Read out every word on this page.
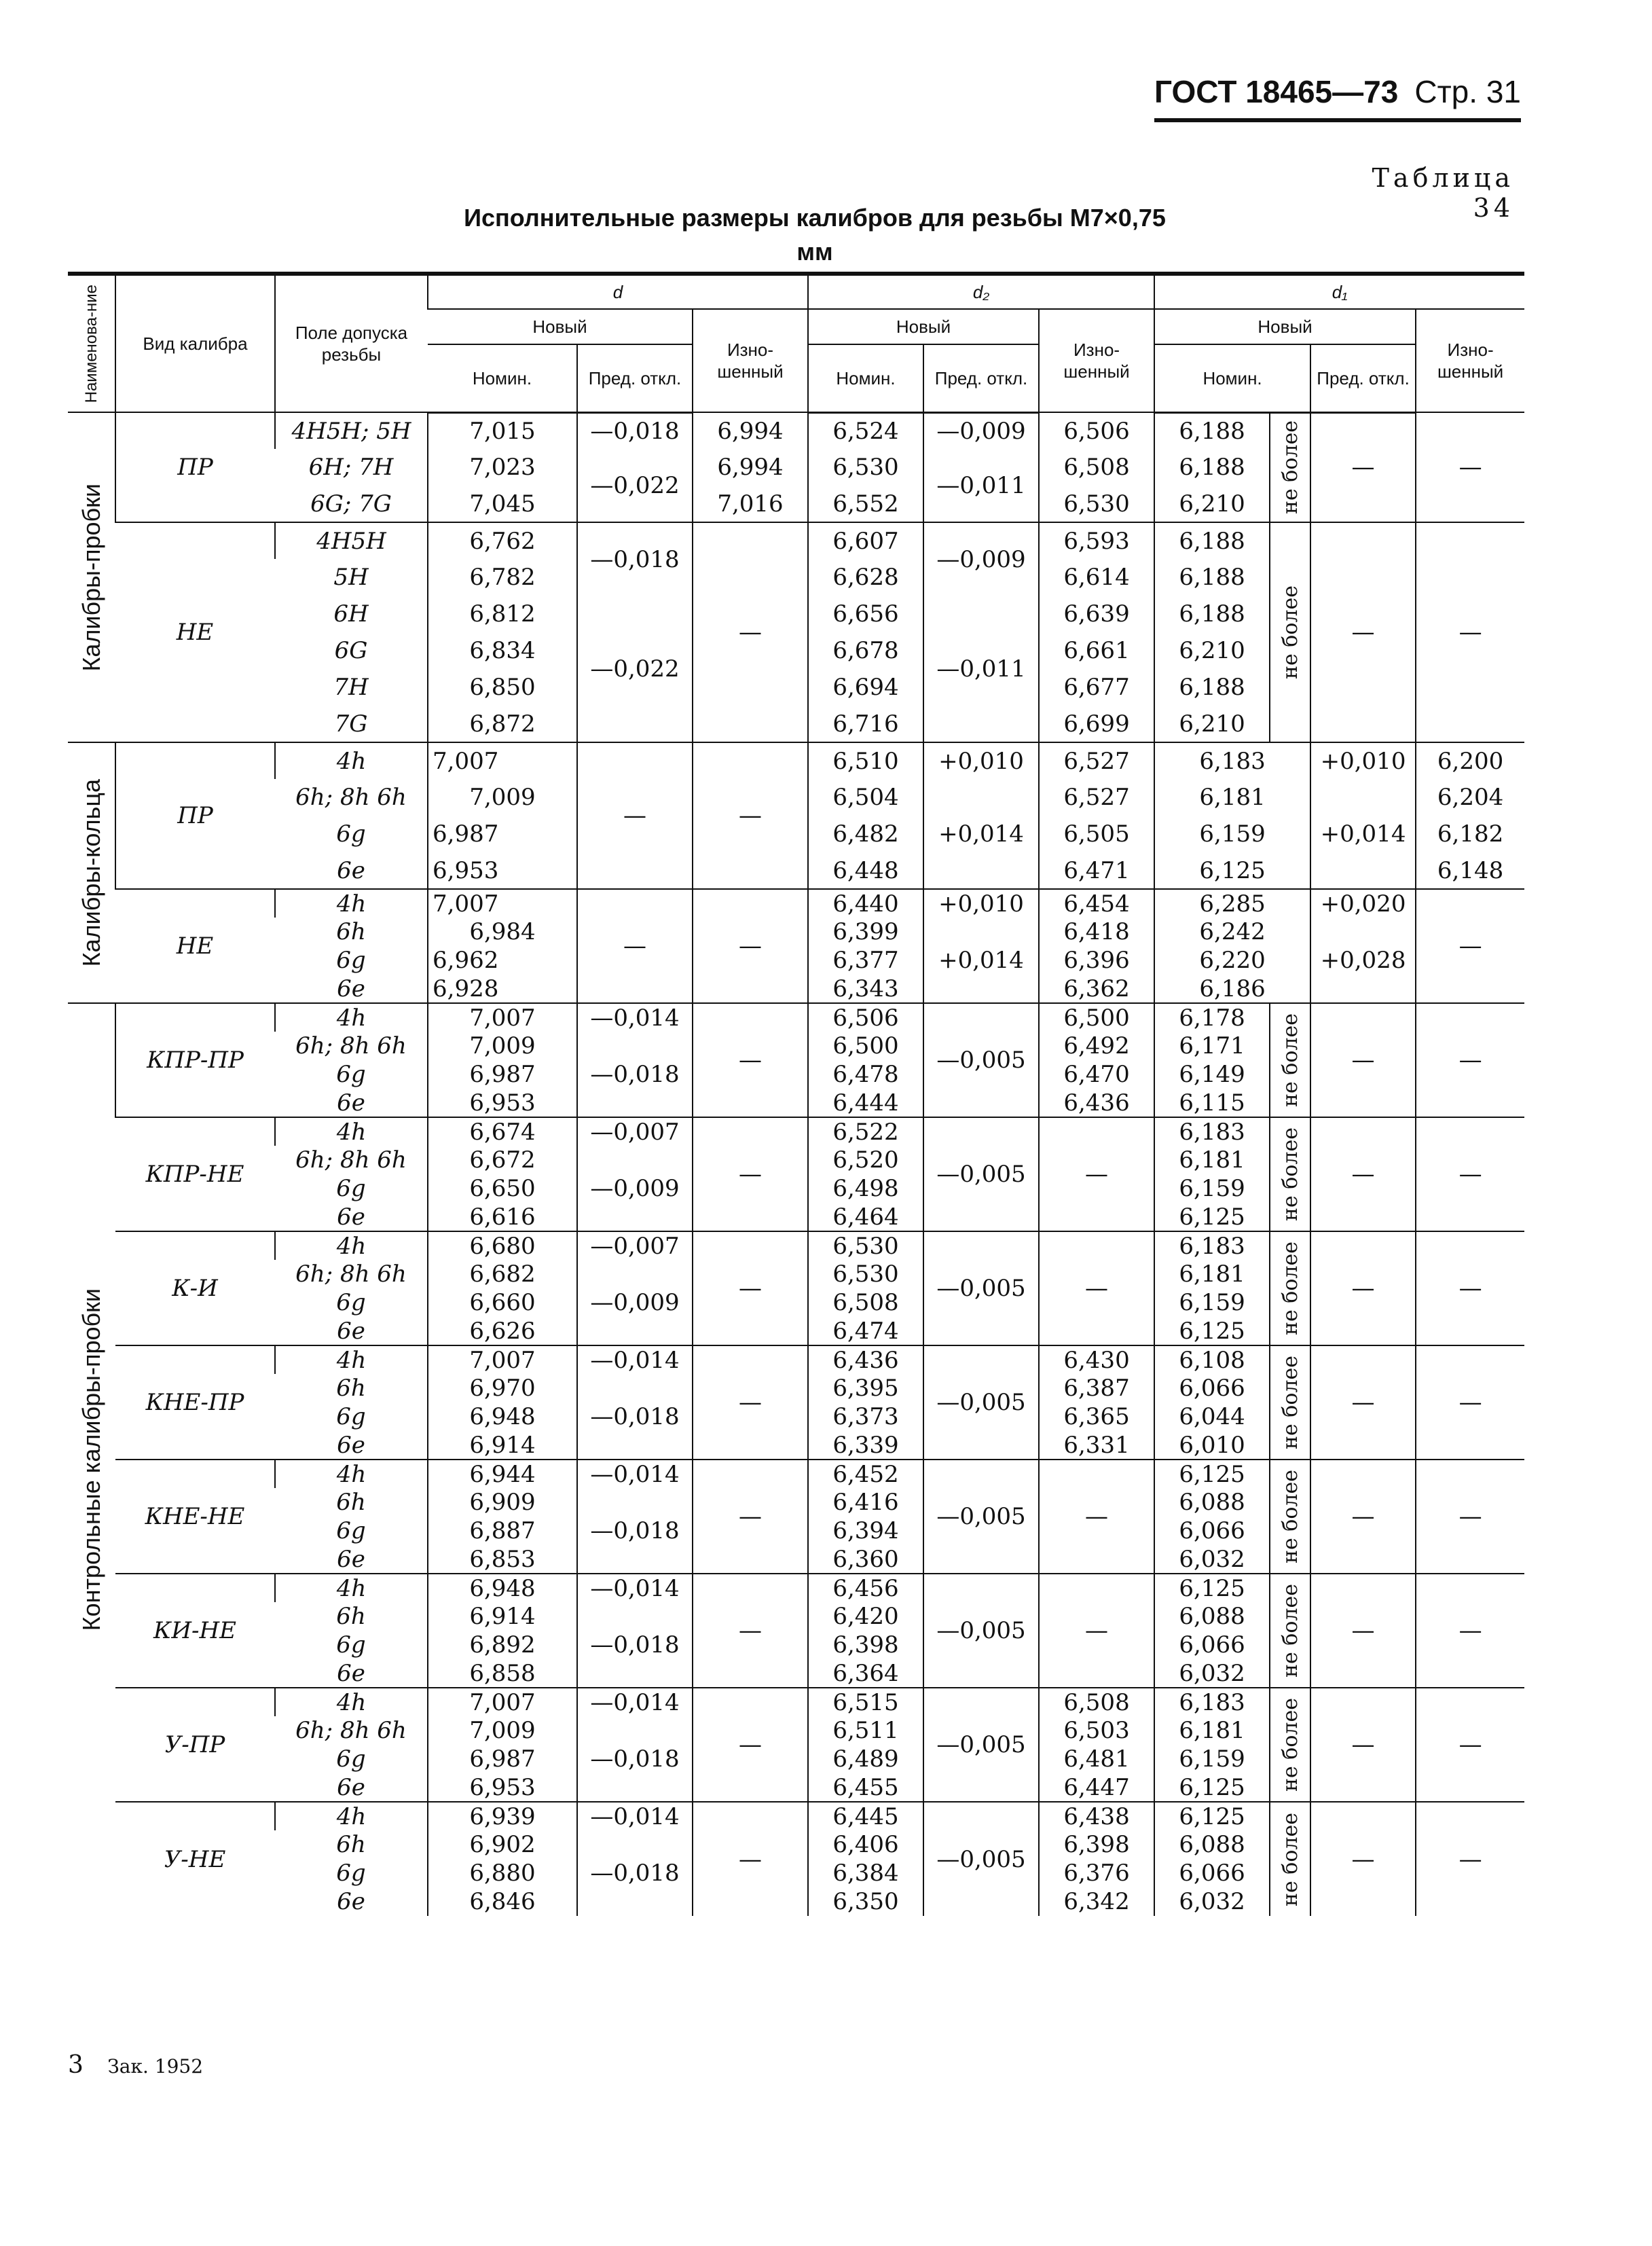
ГОСТ 18465—73 Стр. 31
Таблица 34
Исполнительные размеры калибров для резьбы М7×0,75
мм
Наименова-ние	Вид калибра	Поле допуска резьбы	d			d₂			d₁			
			Новый		Изно-шенный	Новый		Изно-шенный	Новый			Изно-шенный
			Номин.	Пред. откл.		Номин.	Пред. откл.		Номин.		Пред. откл.	

Калибры-пробки	ПР	4Н5Н; 5Н	7,015	—0,018	6,994	6,524	—0,009	6,506	6,188	не более	—	—
		6Н; 7Н	7,023	—0,022	6,994	6,530	—0,011	6,508	6,188			
		6G; 7G	7,045		7,016	6,552		6,530	6,210			
	НЕ	4Н5Н	6,762	—0,018	—	6,607	—0,009	6,593	6,188	не более	—	—
		5Н	6,782			6,628		6,614	6,188			
		6Н	6,812	—0,022		6,656	—0,011	6,639	6,188			
		6G	6,834			6,678		6,661	6,210			
		7Н	6,850			6,694		6,677	6,188			
		7G	6,872			6,716		6,699	6,210			

Калибры-кольца	ПР	4h	7,007	—	—	6,510	+0,010	6,527	6,183		+0,010	6,200
		6h; 8h 6h	7,009			6,504	+0,014	6,527	6,181		+0,014	6,204
		6g	6,987			6,482		6,505	6,159			6,182
		6e	6,953			6,448		6,471	6,125			6,148
	НЕ	4h	7,007	—	—	6,440	+0,010	6,454	6,285		+0,020	—
		6h	6,984			6,399	+0,014	6,418	6,242		+0,028	
		6g	6,962			6,377		6,396	6,220			
		6e	6,928			6,343		6,362	6,186			

Контрольные калибры-пробки	КПР-ПР	4h	7,007	—0,014	—	6,506	—0,005	6,500	6,178	не более	—	—
		6h; 8h 6h	7,009	—0,018		6,500		6,492	6,171			
		6g	6,987			6,478		6,470	6,149			
		6e	6,953			6,444		6,436	6,115			
	КПР-НЕ	4h	6,674	—0,007	—	6,522	—0,005	—	6,183	не более	—	—
		6h; 8h 6h	6,672	—0,009		6,520			6,181			
		6g	6,650			6,498			6,159			
		6e	6,616			6,464			6,125			
	К-И	4h	6,680	—0,007	—	6,530	—0,005	—	6,183	не более	—	—
		6h; 8h 6h	6,682	—0,009		6,530			6,181			
		6g	6,660			6,508			6,159			
		6e	6,626			6,474			6,125			
	КНЕ-ПР	4h	7,007	—0,014	—	6,436	—0,005	6,430	6,108	не более	—	—
		6h	6,970	—0,018		6,395		6,387	6,066			
		6g	6,948			6,373		6,365	6,044			
		6e	6,914			6,339		6,331	6,010			
	КНЕ-НЕ	4h	6,944	—0,014	—	6,452	—0,005	—	6,125	не более	—	—
		6h	6,909	—0,018		6,416			6,088			
		6g	6,887			6,394			6,066			
		6e	6,853			6,360			6,032			
	КИ-НЕ	4h	6,948	—0,014	—	6,456	—0,005	—	6,125	не более	—	—
		6h	6,914	—0,018		6,420			6,088			
		6g	6,892			6,398			6,066			
		6e	6,858			6,364			6,032			
	У-ПР	4h	7,007	—0,014	—	6,515	—0,005	6,508	6,183	не более	—	—
		6h; 8h 6h	7,009	—0,018		6,511		6,503	6,181			
		6g	6,987			6,489		6,481	6,159			
		6e	6,953			6,455		6,447	6,125			
	У-НЕ	4h	6,939	—0,014	—	6,445	—0,005	6,438	6,125	не более	—	—
		6h	6,902	—0,018		6,406		6,398	6,088			
		6g	6,880			6,384		6,376	6,066			
		6e	6,846			6,350		6,342	6,032			
3 Зак. 1952
